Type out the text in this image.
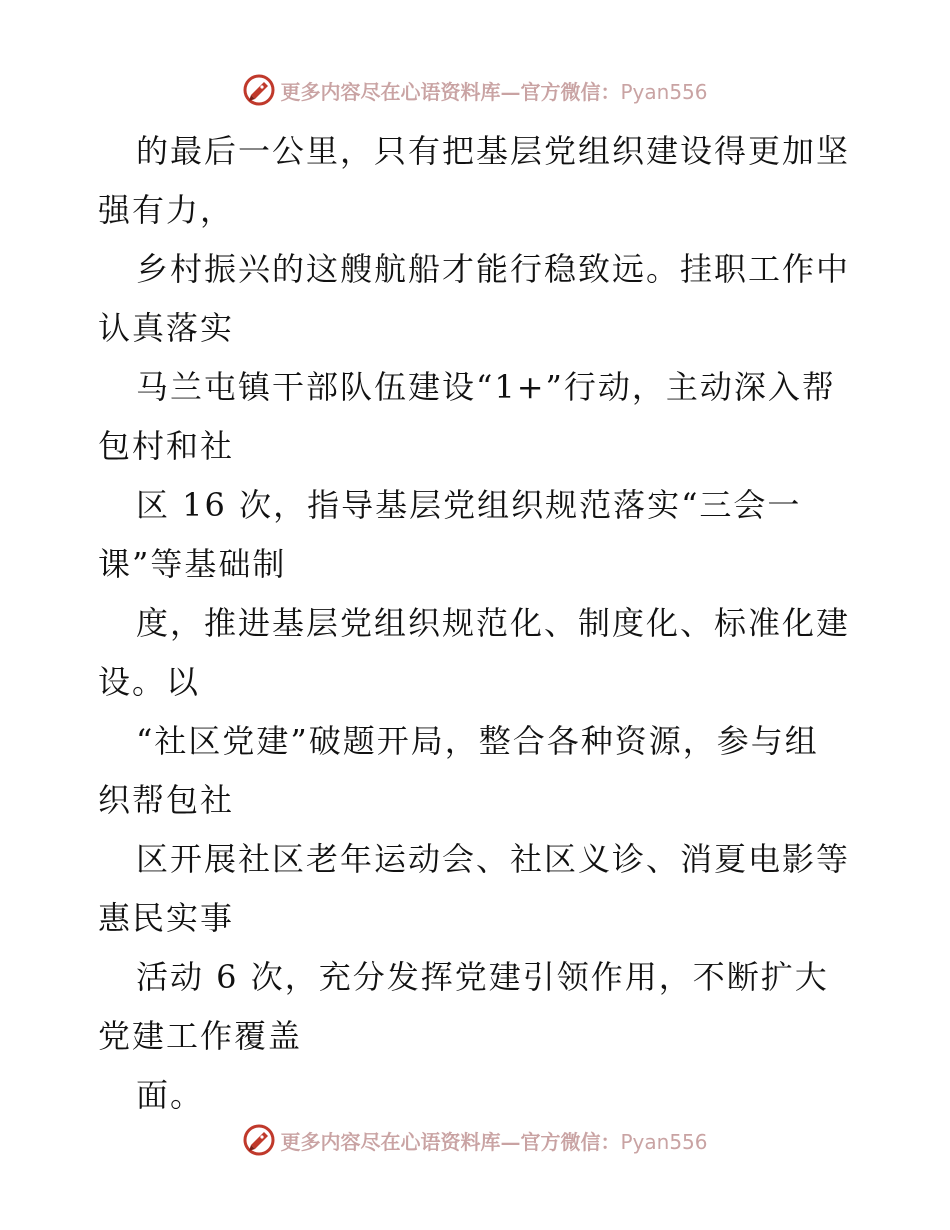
更多内容尽在心语资料库—官方微信：Pyan556
的最后一公里，只有把基层党组织建设得更加坚
强有力，
乡村振兴的这艘航船才能行稳致远。挂职工作中
认真落实
马兰屯镇干部队伍建设“1+”行动，主动深入帮
包村和社
区 16 次，指导基层党组织规范落实“三会一
课”等基础制
度，推进基层党组织规范化、制度化、标准化建
设。以
“社区党建”破题开局，整合各种资源，参与组
织帮包社
区开展社区老年运动会、社区义诊、消夏电影等
惠民实事
活动 6 次，充分发挥党建引领作用，不断扩大
党建工作覆盖
面。
更多内容尽在心语资料库—官方微信：Pyan556
